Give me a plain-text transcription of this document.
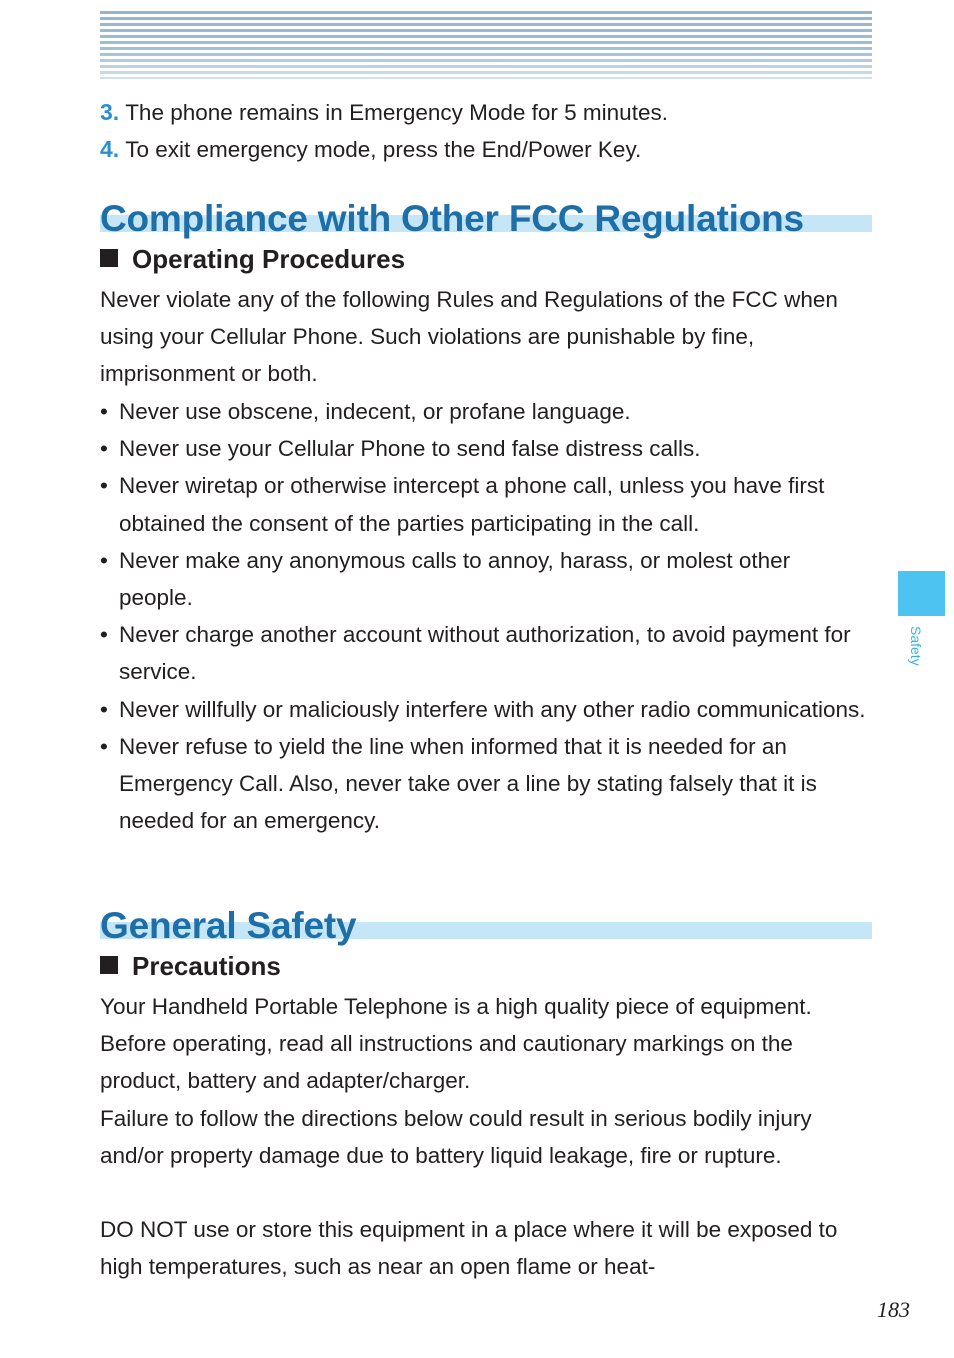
3. The phone remains in Emergency Mode for 5 minutes.
4. To exit emergency mode, press the End/Power Key.
Compliance with Other FCC Regulations
Operating Procedures

Never violate any of the following Rules and Regulations of the FCC when using your Cellular Phone. Such violations are punishable by fine, imprisonment or both.

• Never use obscene, indecent, or profane language.
• Never use your Cellular Phone to send false distress calls.
• Never wiretap or otherwise intercept a phone call, unless you have first obtained the consent of the parties participating in the call.
• Never make any anonymous calls to annoy, harass, or molest other people.
• Never charge another account without authorization, to avoid payment for service.
• Never willfully or maliciously interfere with any other radio communications.
• Never refuse to yield the line when informed that it is needed for an Emergency Call. Also, never take over a line by stating falsely that it is needed for an emergency.
General Safety
Precautions

Your Handheld Portable Telephone is a high quality piece of equipment. Before operating, read all instructions and cautionary markings on the product, battery and adapter/charger.

Failure to follow the directions below could result in serious bodily injury and/or property damage due to battery liquid leakage, fire or rupture.

DO NOT use or store this equipment in a place where it will be exposed to high temperatures, such as near an open flame or heat-

Safety
183
